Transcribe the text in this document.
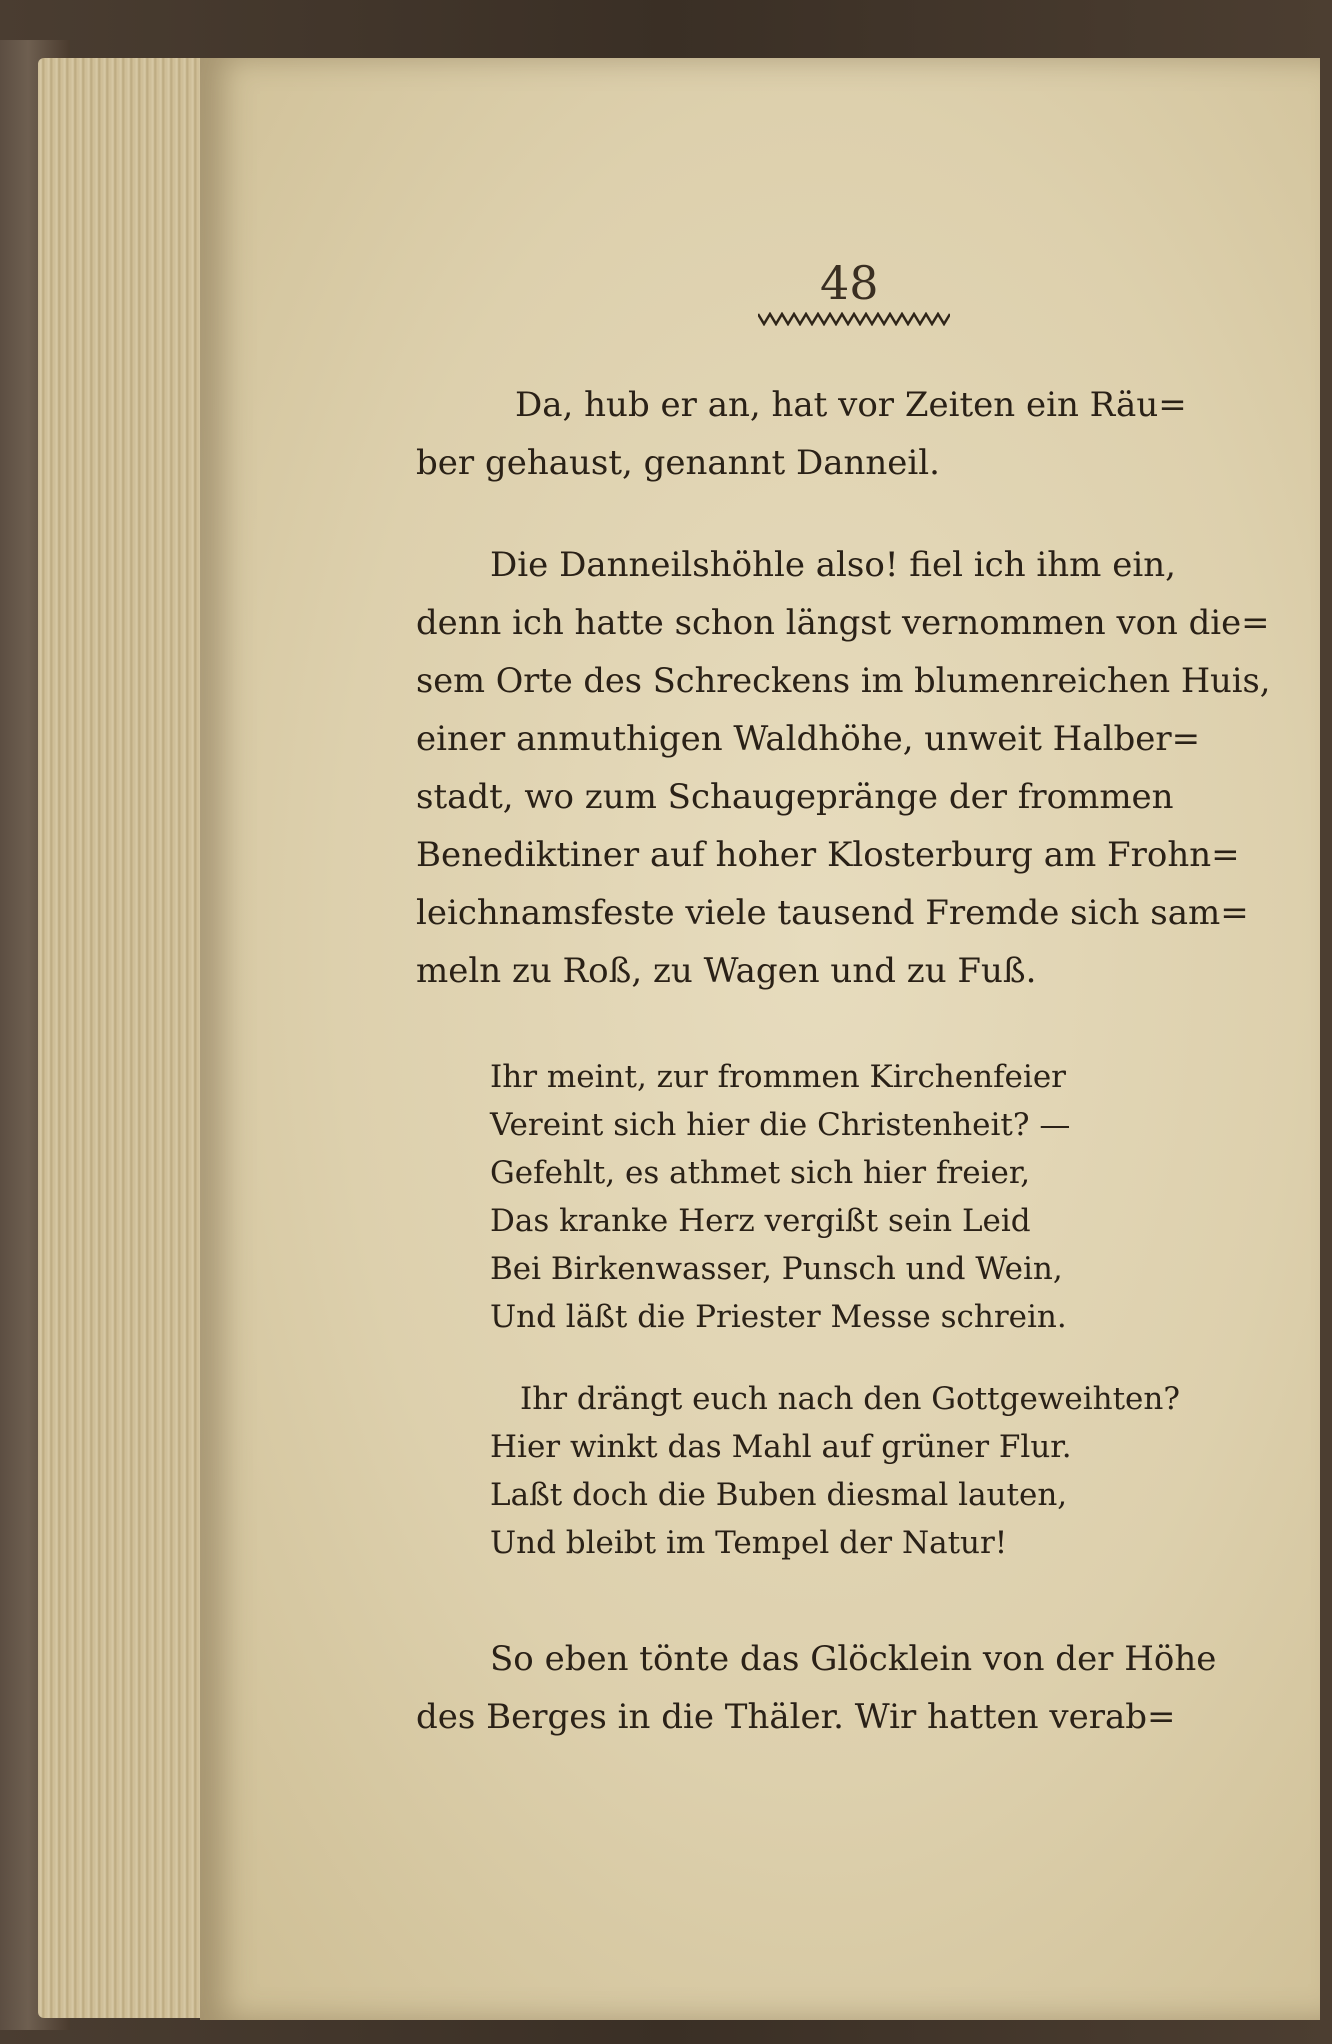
48

Da, hub er an, hat vor Zeiten ein Räu=

ber gehaust, genannt Danneil.

Die Danneilshöhle also! fiel ich ihm ein,

denn ich hatte schon längst vernommen von die=

sem Orte des Schreckens im blumenreichen Huis,

einer anmuthigen Waldhöhe, unweit Halber=

stadt, wo zum Schaugepränge der frommen

Benediktiner auf hoher Klosterburg am Frohn=

leichnamsfeste viele tausend Fremde sich sam=

meln zu Roß, zu Wagen und zu Fuß.

Ihr meint, zur frommen Kirchenfeier

Vereint sich hier die Christenheit? —

Gefehlt, es athmet sich hier freier,

Das kranke Herz vergißt sein Leid

Bei Birkenwasser, Punsch und Wein,

Und läßt die Priester Messe schrein.

Ihr drängt euch nach den Gottgeweihten?

Hier winkt das Mahl auf grüner Flur.

Laßt doch die Buben diesmal lauten,

Und bleibt im Tempel der Natur!

So eben tönte das Glöcklein von der Höhe

des Berges in die Thäler. Wir hatten verab=
